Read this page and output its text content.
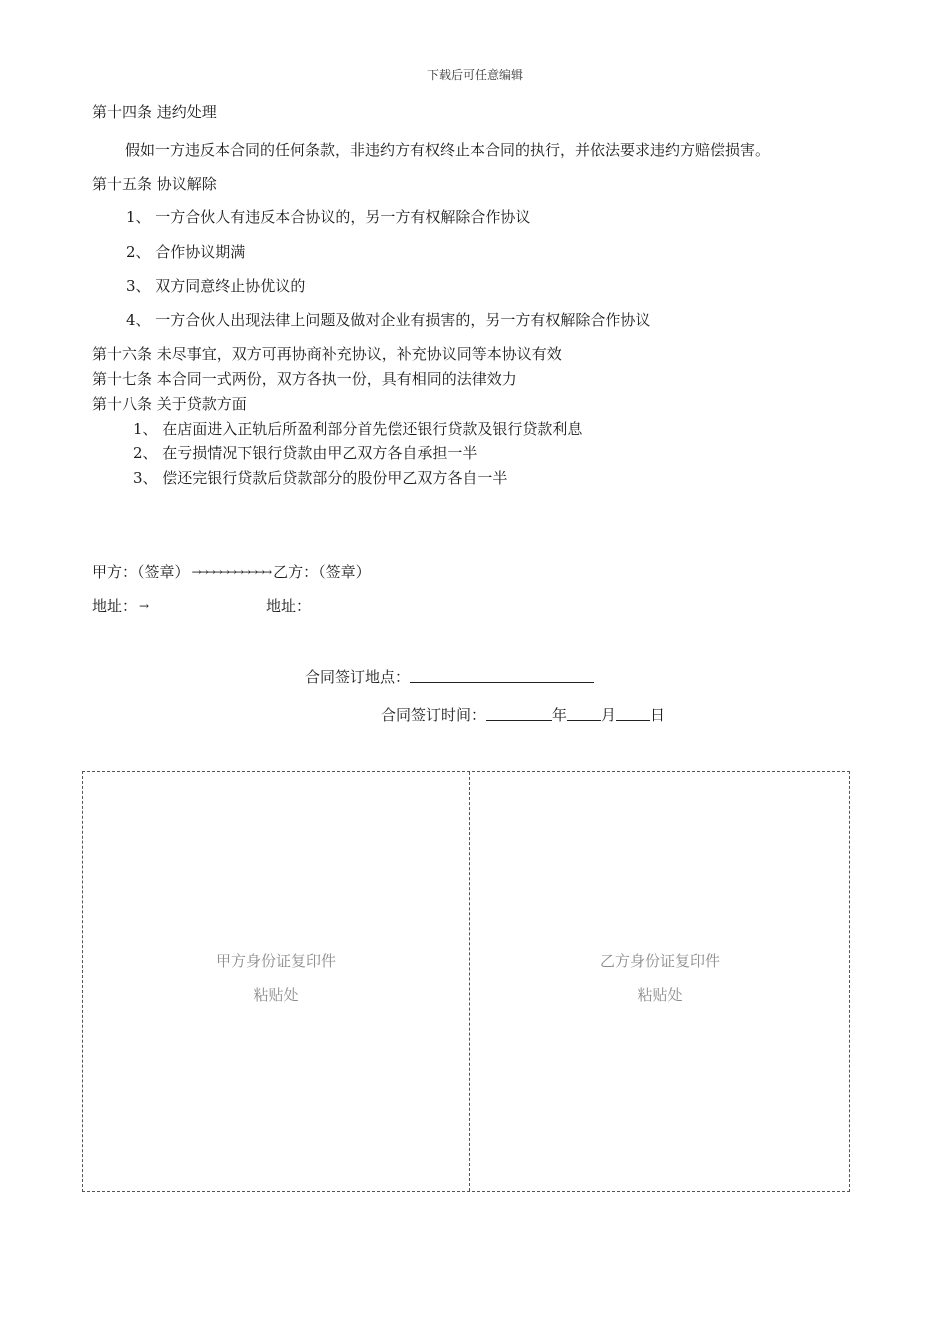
下载后可任意编辑
第十四条 违约处理
假如一方违反本合同的任何条款，非违约方有权终止本合同的执行，并依法要求违约方赔偿损害。
第十五条 协议解除
1、 一方合伙人有违反本合协议的，另一方有权解除合作协议
2、 合作协议期满
3、 双方同意终止协优议的
4、 一方合伙人出现法律上问题及做对企业有损害的，另一方有权解除合作协议
第十六条 未尽事宜，双方可再协商补充协议，补充协议同等本协议有效
第十七条 本合同一式两份，双方各执一份，具有相同的法律效力
第十八条 关于贷款方面
1、 在店面进入正轨后所盈利部分首先偿还银行贷款及银行贷款利息
2、 在亏损情况下银行贷款由甲乙双方各自承担一半
3、 偿还完银行贷款后贷款部分的股份甲乙双方各自一半
甲方：（签章） →→→→→→→→→→→ 乙方：（签章）
地址： →	地址：
合同签订地点：
合同签订时间：	年 月 日
甲方身份证复印件
粘贴处
乙方身份证复印件
粘贴处
